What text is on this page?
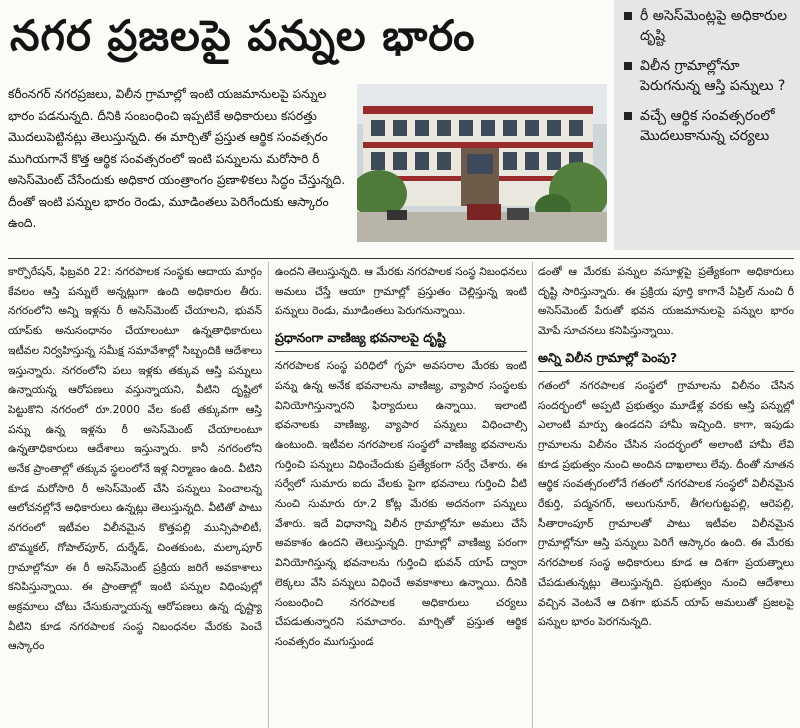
నగర ప్రజలపై పన్నుల భారం	రీ అసెస్‌మెంట్లపై అధికారుల దృష్టి
విలీన గ్రామాల్లోనూ పెరుగనున్న ఆస్తి పన్నులు ?
వచ్చే ఆర్థిక సంవత్సరంలో మొదలుకానున్న చర్యలు
కరీంనగర్ నగరప్రజలు, విలీన గ్రామాల్లో ఇంటి యజమానులపై పన్నుల భారం పడనున్నది. దీనికి సంబంధించి ఇప్పటికే అధికారులు కసరత్తు మొదలుపెట్టినట్లు తెలుస్తున్నది. ఈ మార్చితో ప్రస్తుత ఆర్థిక సంవత్సరం ముగియగానే కొత్త ఆర్థిక సంవత్సరంలో ఇంటి పన్నులను మరోసారి రీ అసెస్‌మెంట్ చేసేందుకు అధికార యంత్రాంగం ప్రణాళికలు సిద్ధం చేస్తున్నది. దీంతో ఇంటి పన్నుల భారం రెండు, మూడింతలు పెరిగేందుకు ఆస్కారం ఉంది.

కార్పొరేషన్, ఫిబ్రవరి 22: నగరపాలక సంస్థకు ఆదాయ మార్గం కేవలం ఆస్తి పన్నులే అన్నట్లుగా ఉంది అధికారుల తీరు. నగరంలోని అన్ని ఇళ్లను రీ అసెస్‌మెంట్ చేయాలని, భువన్ యాప్‌కు అనుసంధానం చేయాలంటూ ఉన్నతాధికారులు ఇటీవల నిర్వహిస్తున్న సమీక్ష సమావేశాల్లో సిబ్బందికి ఆదేశాలు ఇస్తున్నారు. నగరంలోని పలు ఇళ్లకు తక్కువ ఆస్తి పన్నులు ఉన్నాయన్న ఆరోపణలు వస్తున్నాయని, వీటిని దృష్టిలో పెట్టుకొని నగరంలో రూ.2000 వేల కంటే తక్కువగా ఆస్తి పన్ను ఉన్న ఇళ్లను రీ అసెస్‌మెంట్ చేయాలంటూ ఉన్నతాధికారులు ఆదేశాలు ఇస్తున్నారు. కానీ నగరంలోని అనేక ప్రాంతాల్లో తక్కువ స్థలంలోనే ఇళ్ల నిర్మాణం ఉంది. వీటిని కూడ మరోసారి రీ అసెస్‌మెంట్ చేసి పన్నులు పెంచాలన్న ఆలోచనల్లోనే అధికారులు ఉన్నట్లు తెలుస్తున్నది. వీటితో పాటు నగరంలో ఇటీవల విలీనమైన కొత్తపల్లి మున్సిపాలిటీ, బొమ్మకల్, గోపాల్‌పూర్, దుర్శేడ్, చింతకుంట, మల్కాపూర్ గ్రామాల్లోనూ ఈ రీ అసెస్‌మెంట్ ప్రక్రియ జరిగే అవకాశాలు కనిపిస్తున్నాయి. ఈ ప్రాంతాల్లో ఇంటి పన్నుల విధింపుల్లో అక్రమాలు చోటు చేసుకున్నాయన్న ఆరోపణలు ఉన్న దృష్ట్యా వీటిని కూడ నగరపాలక సంస్థ నిబంధనల మేరకు పెంచే ఆస్కారం

ఉందని తెలుస్తున్నది. ఆ మేరకు నగరపాలక సంస్థ నిబంధనలు అమలు చేస్తే ఆయా గ్రామాల్లో ప్రస్తుతం చెల్లిస్తున్న ఇంటి పన్నులు రెండు, మూడింతలు పెరుగనున్నాయి.

ప్రధానంగా వాణిజ్య భవనాలపై దృష్టి

నగరపాలక సంస్థ పరిధిలో గృహ అవసరాల మేరకు ఇంటి పన్ను ఉన్న అనేక భవనాలను వాణిజ్య, వ్యాపార సంస్థలకు వినియోగిస్తున్నారని ఫిర్యాదులు ఉన్నాయి. ఇలాంటి భవనాలకు వాణిజ్య, వ్యాపార పన్నులు విధించాల్సి ఉంటుంది. ఇటీవల నగరపాలక సంస్థలో వాణిజ్య భవనాలను గుర్తించి పన్నులు విధించేందుకు ప్రత్యేకంగా సర్వే చేశారు. ఈ సర్వేలో సుమారు ఐదు వేలకు పైగా భవనాలు గుర్తించి వీటి నుంచి సుమారు రూ.2 కోట్ల మేరకు అదనంగా పన్నులు వేశారు. ఇదే విధానాన్ని విలీన గ్రామాల్లోనూ అమలు చేసే అవకాశం ఉందని తెలుస్తున్నది. గ్రామాల్లో వాణిజ్య పరంగా వినియోగిస్తున్న భవనాలను గుర్తించి భువన్ యాప్ ద్వారా లెక్కలు వేసి పన్నులు విధించే అవకాశాలు ఉన్నాయి. దీనికి సంబంధించి నగరపాలక అధికారులు చర్యలు చేపడుతున్నారని సమాచారం. మార్చితో ప్రస్తుత ఆర్థిక సంవత్సరం ముగుస్తుండ

డంతో ఆ మేరకు పన్నుల వసూళ్లపై ప్రత్యేకంగా అధికారులు దృష్టి సారిస్తున్నారు. ఈ ప్రక్రియ పూర్తి కాగానే ఏప్రిల్ నుంచి రీ అసెస్‌మెంట్ పేరుతో భవన యజమానులపై పన్నుల భారం మోపే సూచనలు కనిపిస్తున్నాయి.

అన్ని విలీన గ్రామాల్లో పెంపు?

గతంలో నగరపాలక సంస్థలో గ్రామాలను విలీనం చేసిన సందర్భంలో అప్పటి ప్రభుత్వం మూడేళ్ల వరకు ఆస్తి పన్నుల్లో ఎలాంటి మార్పు ఉండదని హామీ ఇచ్చింది. కాగా, ఇపుడు గ్రామాలను విలీనం చేసిన సందర్భంలో అలాంటి హామీ లేవి కూడ ప్రభుత్వం నుంచి అందిన దాఖలాలు లేవు. దీంతో నూతన ఆర్థిక సంవత్సరంలోనే గతంలో నగరపాలక సంస్థలో విలీనమైన రేకుర్తి, పద్మనగర్, అలుగునూర్, తీగలగుట్టపల్లి, ఆరెపల్లి, సీతారాంపూర్ గ్రామాలతో పాటు ఇటీవల విలీనమైన గ్రామాల్లోనూ ఆస్తి పన్నులు పెరిగే ఆస్కారం ఉంది. ఈ మేరకు నగరపాలక సంస్థ అధికారులు కూడ ఆ దిశగా ప్రయత్నాలు చేపడుతున్నట్లు తెలుస్తున్నది. ప్రభుత్వం నుంచి ఆదేశాలు వచ్చిన వెంటనే ఆ దిశగా భువన్ యాప్ అమలుతో ప్రజలపై పన్నుల భారం పెరగనున్నది.
